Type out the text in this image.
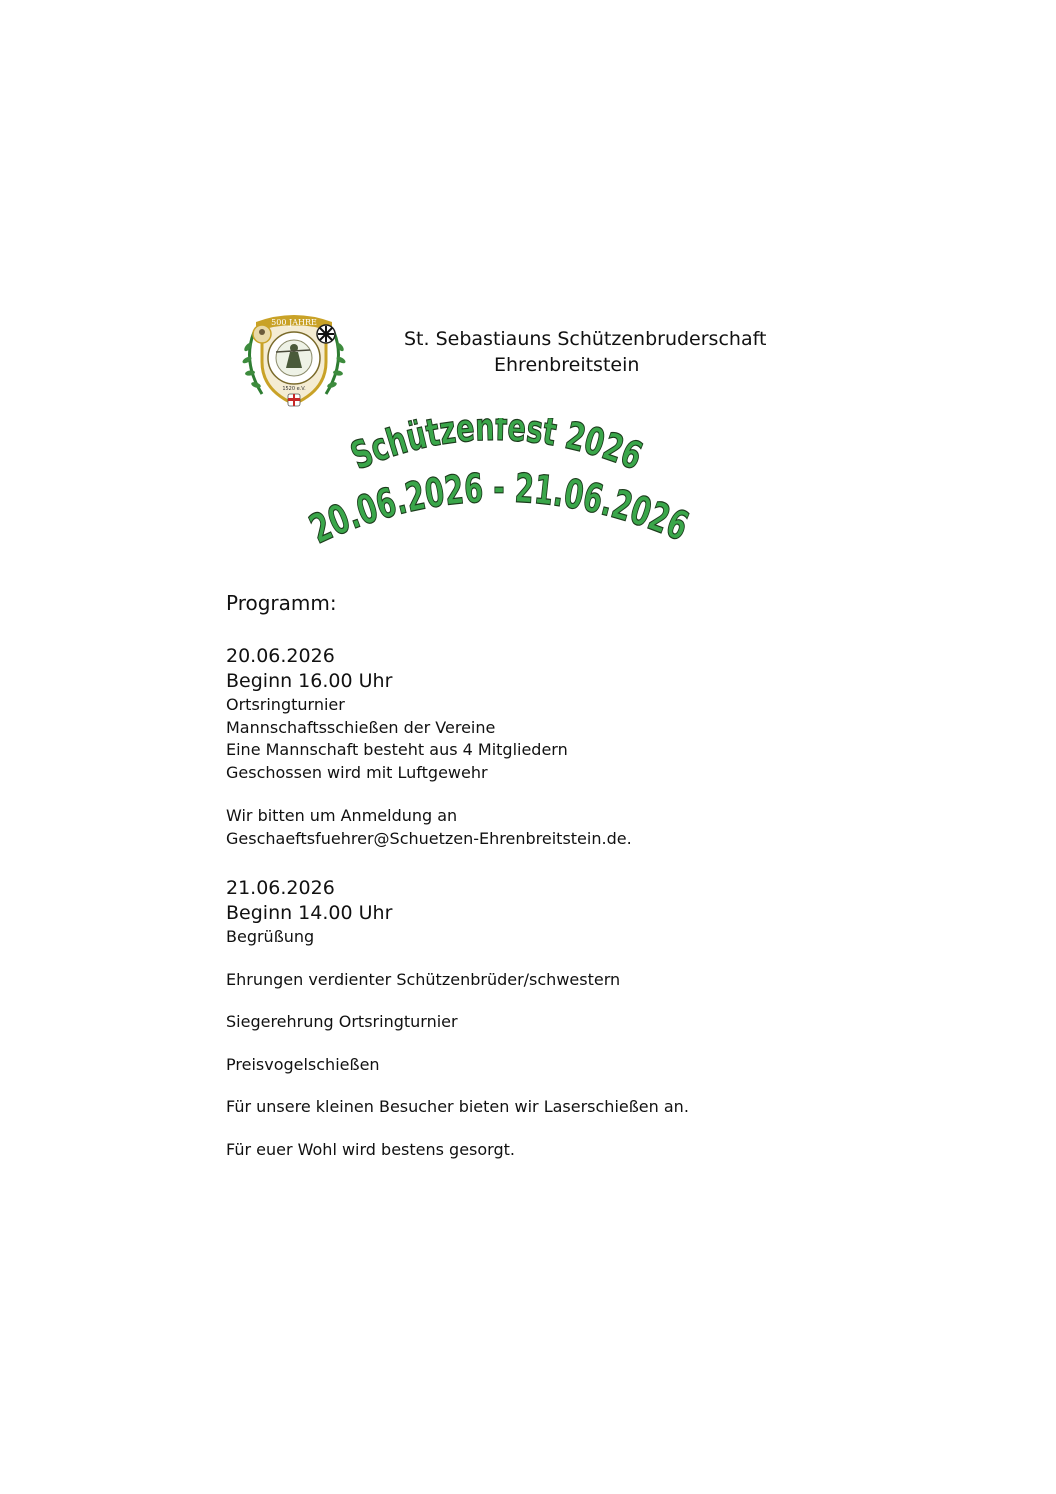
500 JAHRE
1520 e.V.
St. Sebastiauns Schützenbruderschaft
Ehrenbreitstein
Schützenfest 2026
20.06.2026 - 21.06.2026
Programm:
20.06.2026
Beginn 16.00 Uhr
Ortsringturnier
Mannschaftsschießen der Vereine
Eine Mannschaft besteht aus 4 Mitgliedern
Geschossen wird mit Luftgewehr
Wir bitten um Anmeldung an
Geschaeftsfuehrer@Schuetzen-Ehrenbreitstein.de.
21.06.2026
Beginn 14.00 Uhr
Begrüßung
Ehrungen verdienter Schützenbrüder/schwestern
Siegerehrung Ortsringturnier
Preisvogelschießen
Für unsere kleinen Besucher bieten wir Laserschießen an.
Für euer Wohl wird bestens gesorgt.
